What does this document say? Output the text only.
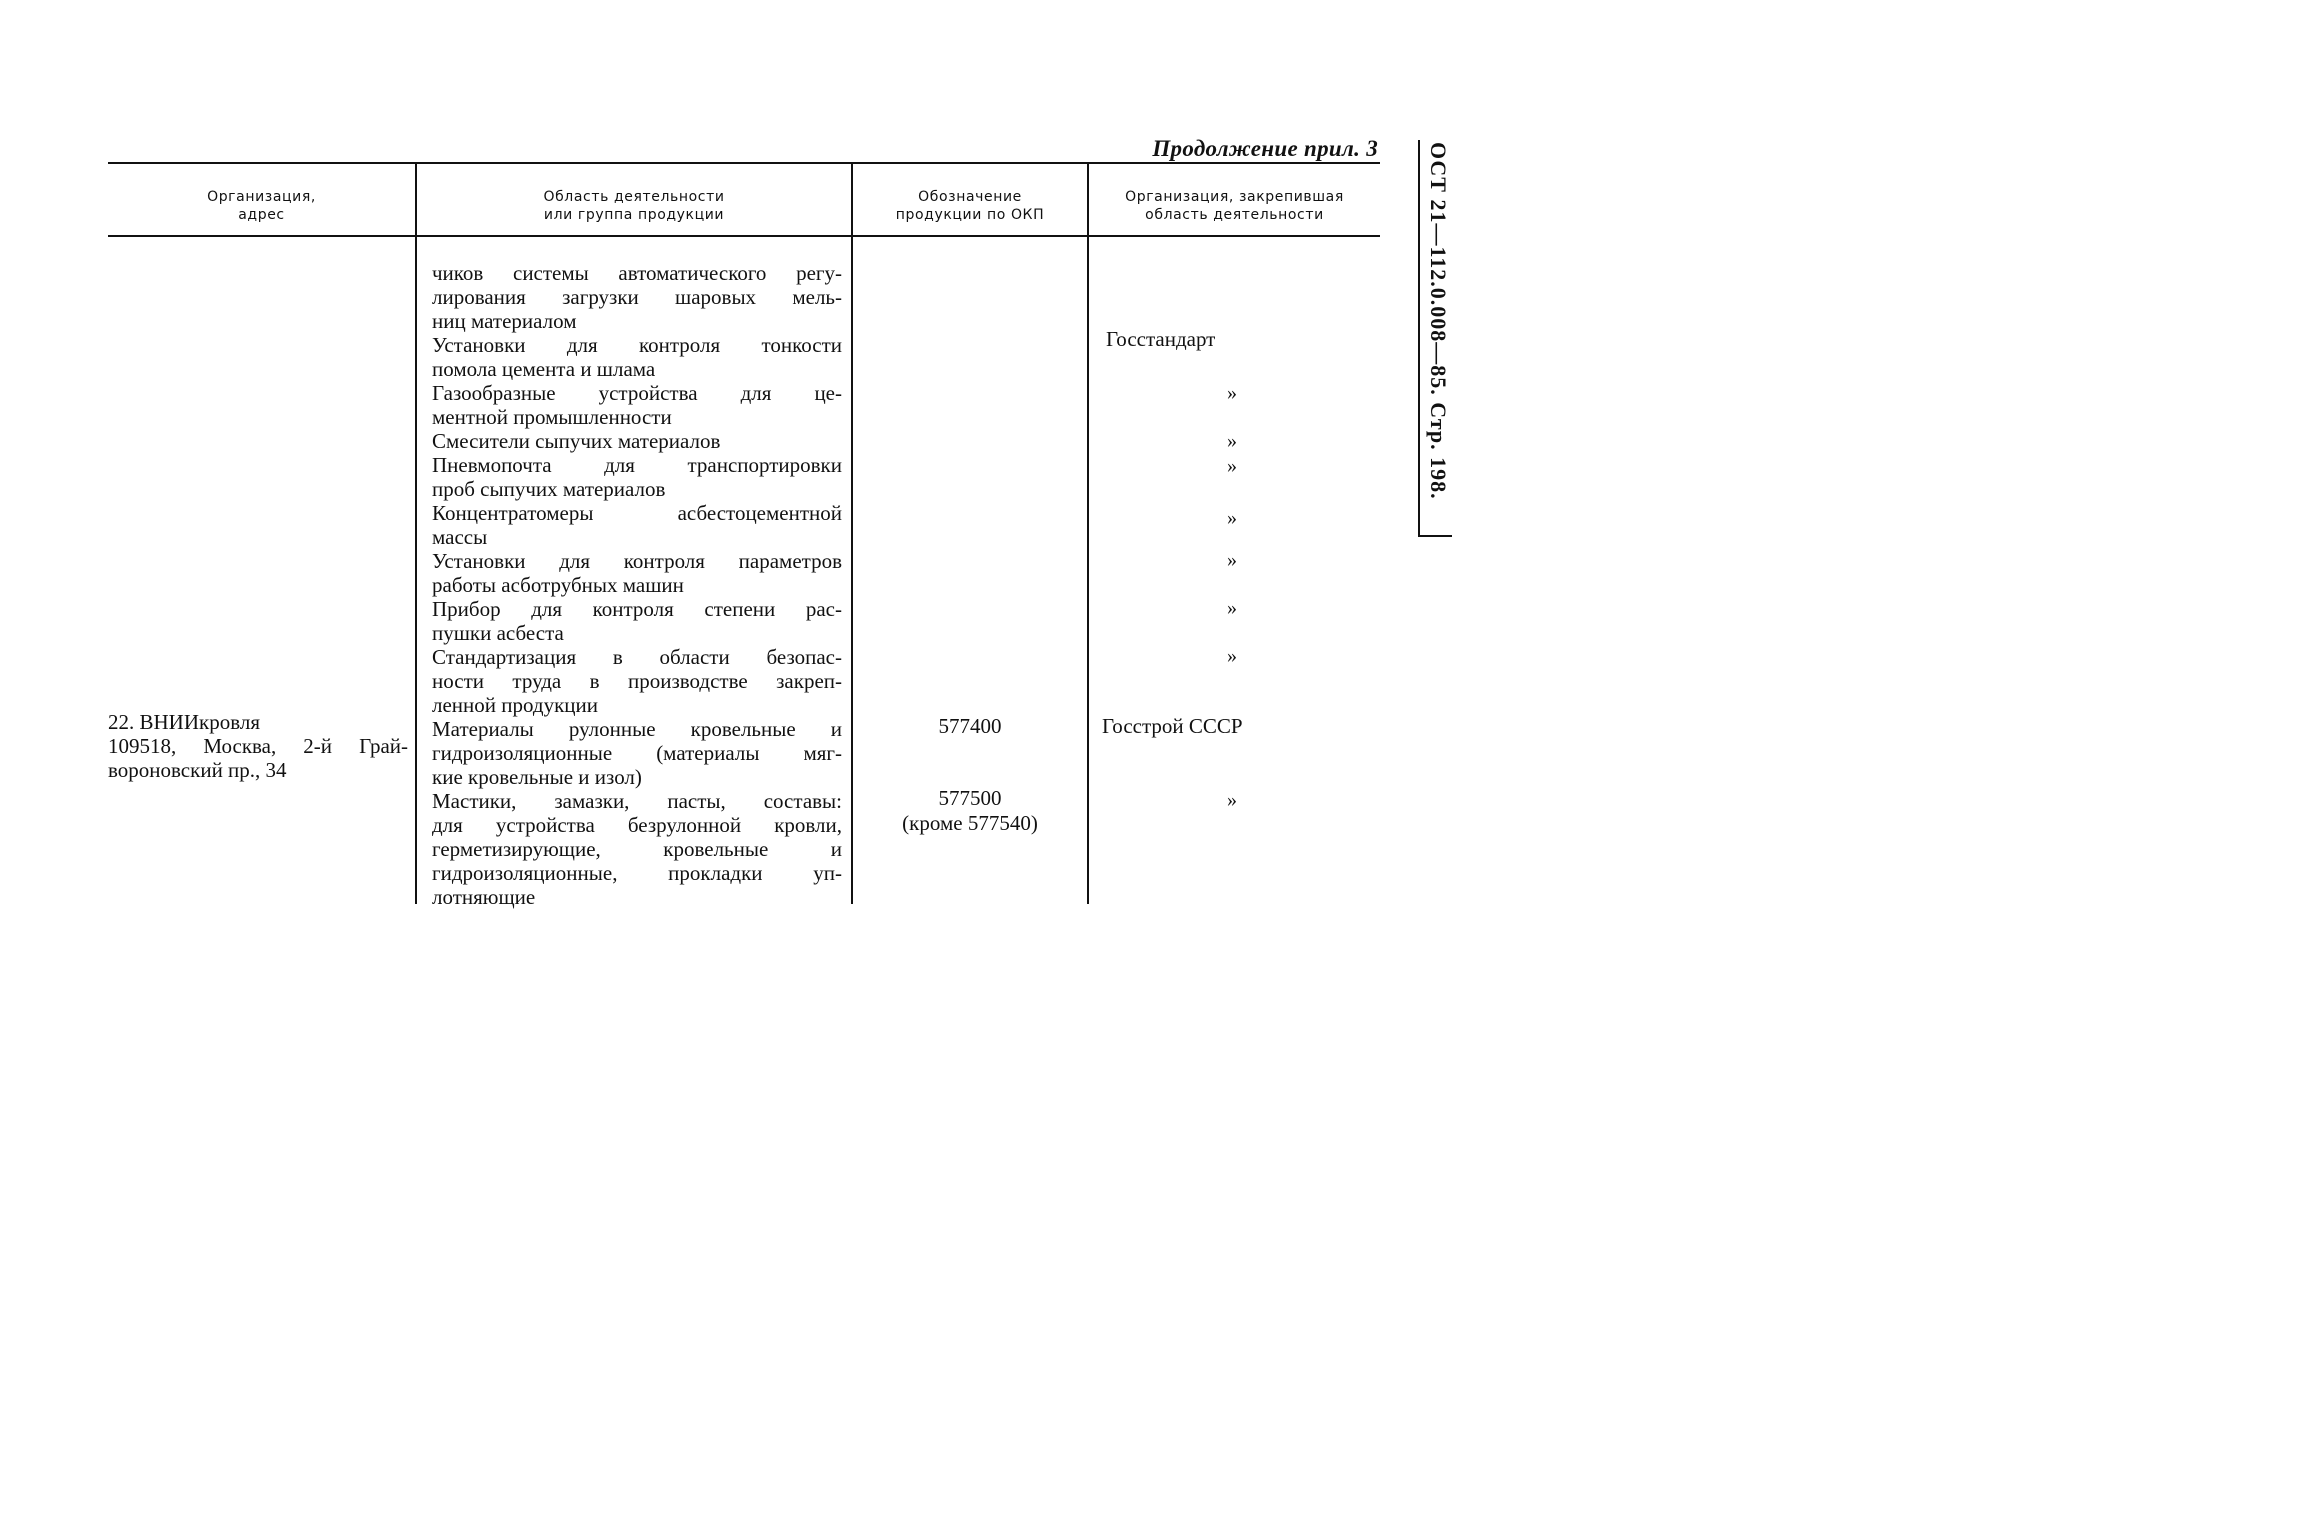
Продолжение прил. 3
Организация,
адрес
Область деятельности
или группа продукции
Обозначение
продукции по ОКП
Организация, закрепившая
область деятельности
22. ВНИИкровля
109518, Москва, 2-й Грай-
вороновский пр., 34
чиков системы автоматического регу-
лирования загрузки шаровых мель-
ниц материалом
Установки для контроля тонкости
помола цемента и шлама
Газообразные устройства для це-
ментной промышленности
Смесители сыпучих материалов
Пневмопочта для транспортировки
проб сыпучих материалов
Концентратомеры асбестоцементной
массы
Установки для контроля параметров
работы асботрубных машин
Прибор для контроля степени рас-
пушки асбеста
Стандартизация в области безопас-
ности труда в производстве закреп-
ленной продукции
Материалы рулонные кровельные и
гидроизоляционные (материалы мяг-
кие кровельные и изол)
Мастики, замазки, пасты, составы:
для устройства безрулонной кровли,
герметизирующие, кровельные и
гидроизоляционные, прокладки уп-
лотняющие
577400
577500
(кроме 577540)
Госстандарт
»
»
»
»
»
»
»
Госстрой СССР
»
ОСТ 21—112.0.008—85. Стр. 198.
